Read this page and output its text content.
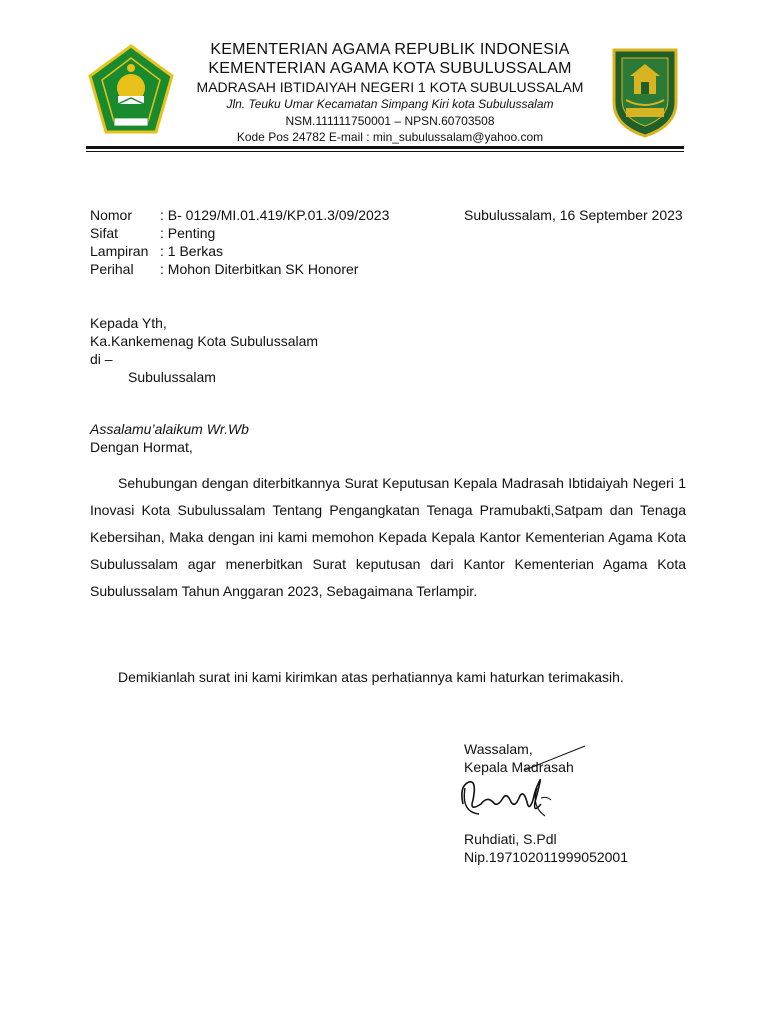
KEMENTERIAN AGAMA REPUBLIK INDONESIA
KEMENTERIAN AGAMA KOTA SUBULUSSALAM
MADRASAH IBTIDAIYAH NEGERI 1 KOTA SUBULUSSALAM
Jln. Teuku Umar Kecamatan Simpang Kiri kota Subulussalam
NSM.111111750001 – NPSN.60703508
Kode Pos 24782 E-mail : min_subulussalam@yahoo.com
Nomor	: B- 0129/MI.01.419/KP.01.3/09/2023
Sifat	: Penting
Lampiran : 1 Berkas
Perihal	: Mohon Diterbitkan SK Honorer
Subulussalam, 16 September 2023
Kepada Yth,
Ka.Kankemenag Kota Subulussalam
di –
Subulussalam
Assalamu’alaikum Wr.Wb
Dengan Hormat,
Sehubungan dengan diterbitkannya Surat Keputusan Kepala Madrasah Ibtidaiyah Negeri 1 Inovasi Kota Subulussalam Tentang Pengangkatan Tenaga Pramubakti,Satpam dan Tenaga Kebersihan, Maka dengan ini kami memohon Kepada Kepala Kantor Kementerian Agama Kota Subulussalam agar menerbitkan Surat keputusan dari Kantor Kementerian Agama Kota Subulussalam Tahun Anggaran 2023, Sebagaimana Terlampir.
Demikianlah surat ini kami kirimkan atas perhatiannya kami haturkan terimakasih.
Wassalam,
Kepala Madrasah
Ruhdiati, S.Pdl
Nip.197102011999052001
